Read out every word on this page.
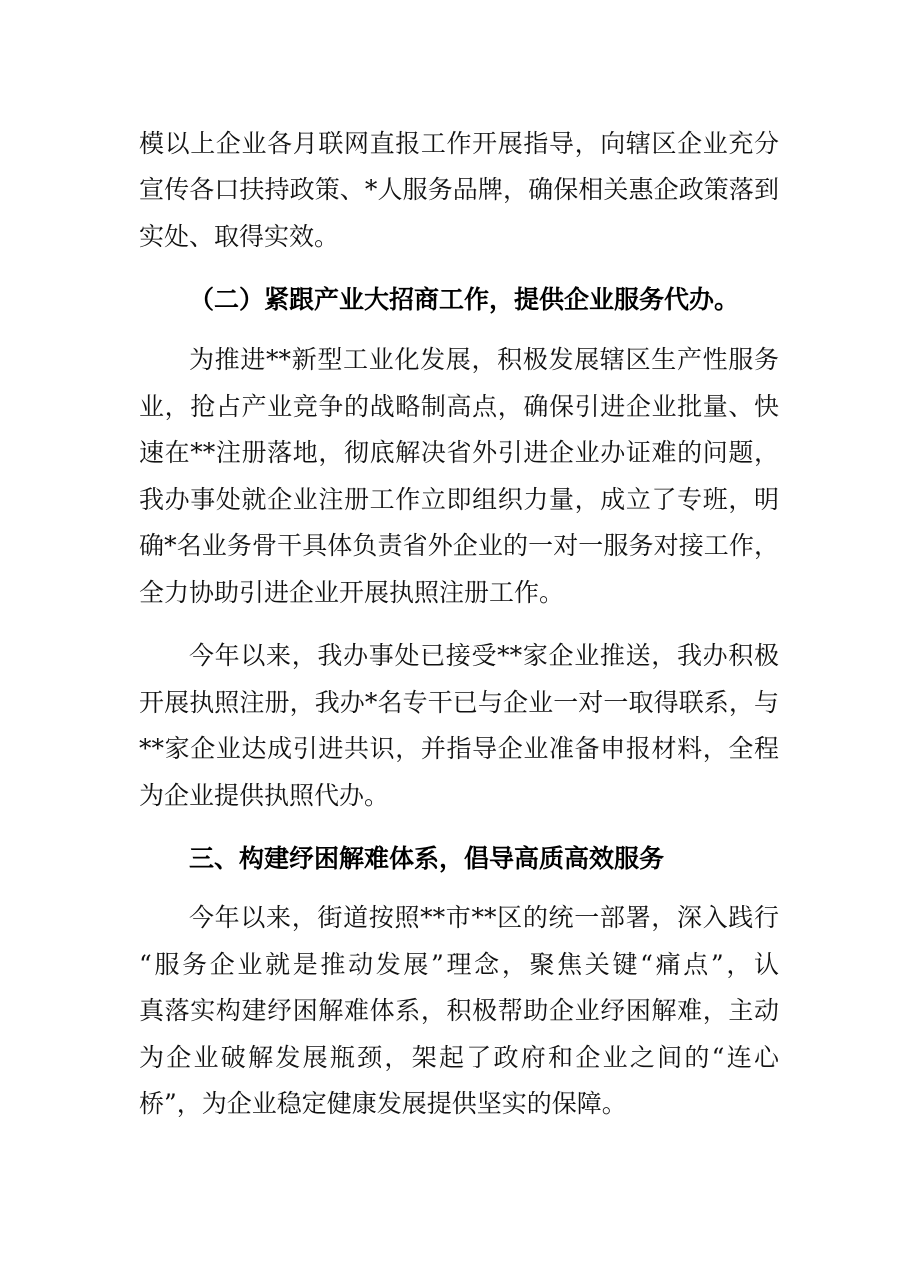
模以上企业各月联网直报工作开展指导，向辖区企业充分
宣传各口扶持政策、*人服务品牌，确保相关惠企政策落到
实处、取得实效。
（二）紧跟产业大招商工作，提供企业服务代办。
为推进**新型工业化发展，积极发展辖区生产性服务
业，抢占产业竞争的战略制高点，确保引进企业批量、快
速在**注册落地，彻底解决省外引进企业办证难的问题，
我办事处就企业注册工作立即组织力量，成立了专班，明
确*名业务骨干具体负责省外企业的一对一服务对接工作，
全力协助引进企业开展执照注册工作。
今年以来，我办事处已接受**家企业推送，我办积极
开展执照注册，我办*名专干已与企业一对一取得联系，与
**家企业达成引进共识，并指导企业准备申报材料，全程
为企业提供执照代办。
三、构建纾困解难体系，倡导高质高效服务
今年以来，街道按照**市**区的统一部署，深入践行
“服务企业就是推动发展”理念，聚焦关键“痛点”，认
真落实构建纾困解难体系，积极帮助企业纾困解难，主动
为企业破解发展瓶颈，架起了政府和企业之间的“连心
桥”，为企业稳定健康发展提供坚实的保障。
